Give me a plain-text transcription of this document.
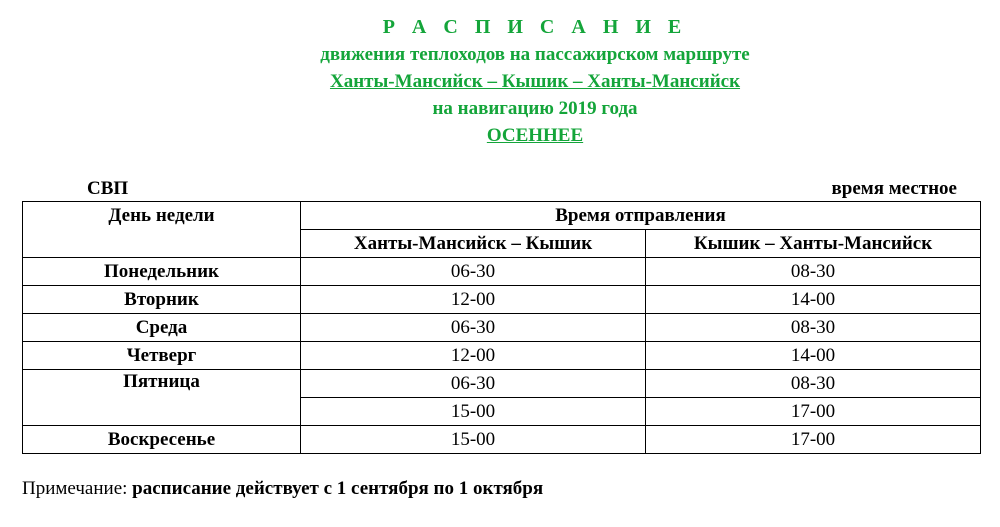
Р А С П И С А Н И Е
движения теплоходов на пассажирском маршруте
Ханты-Мансийск – Кышик – Ханты-Мансийск
на навигацию 2019 года
ОСЕННЕЕ
СВП	время местное
День недели	Время отправления	
	Ханты-Мансийск – Кышик	Кышик – Ханты-Мансийск
Понедельник	06-30	08-30
Вторник	12-00	14-00
Среда	06-30	08-30
Четверг	12-00	14-00
Пятница	06-30	08-30
	15-00	17-00
Воскресенье	15-00	17-00
Примечание: расписание действует с 1 сентября по 1 октября
